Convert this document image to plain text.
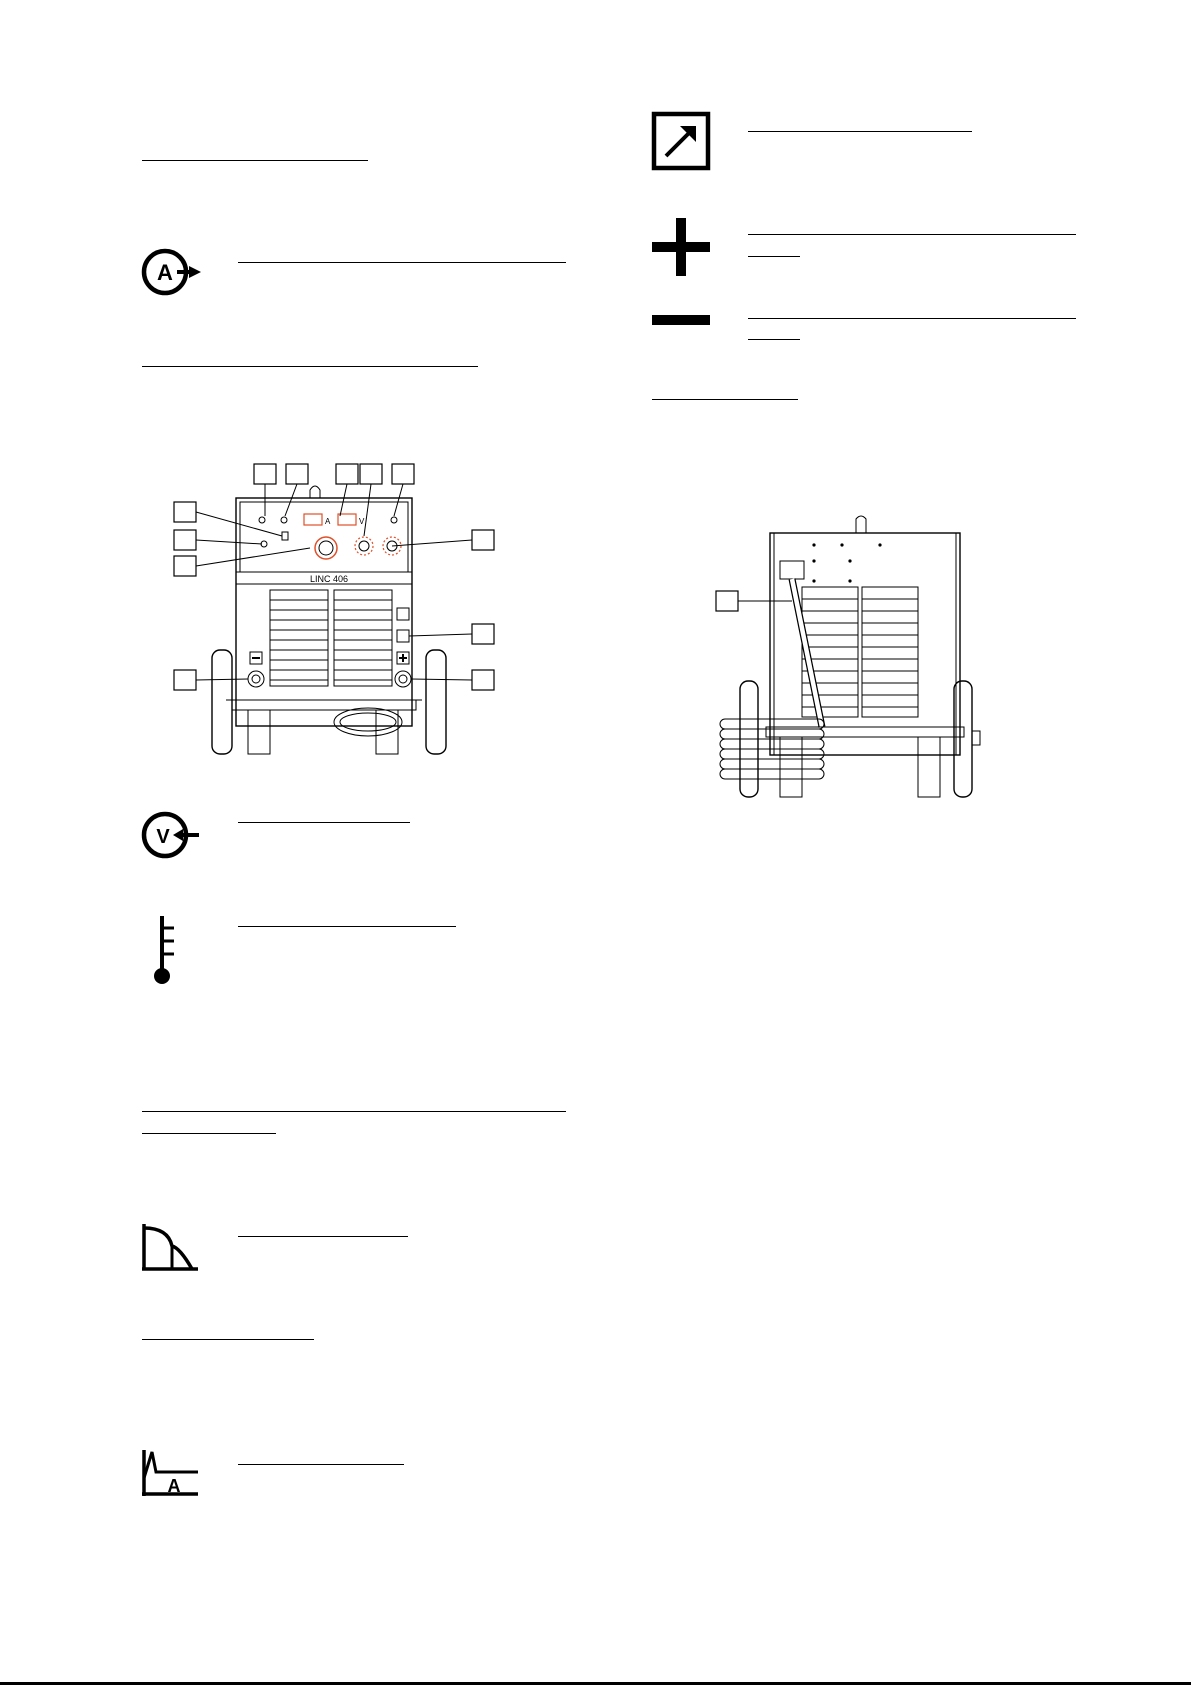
A
A	V
LINC 406
V
A
